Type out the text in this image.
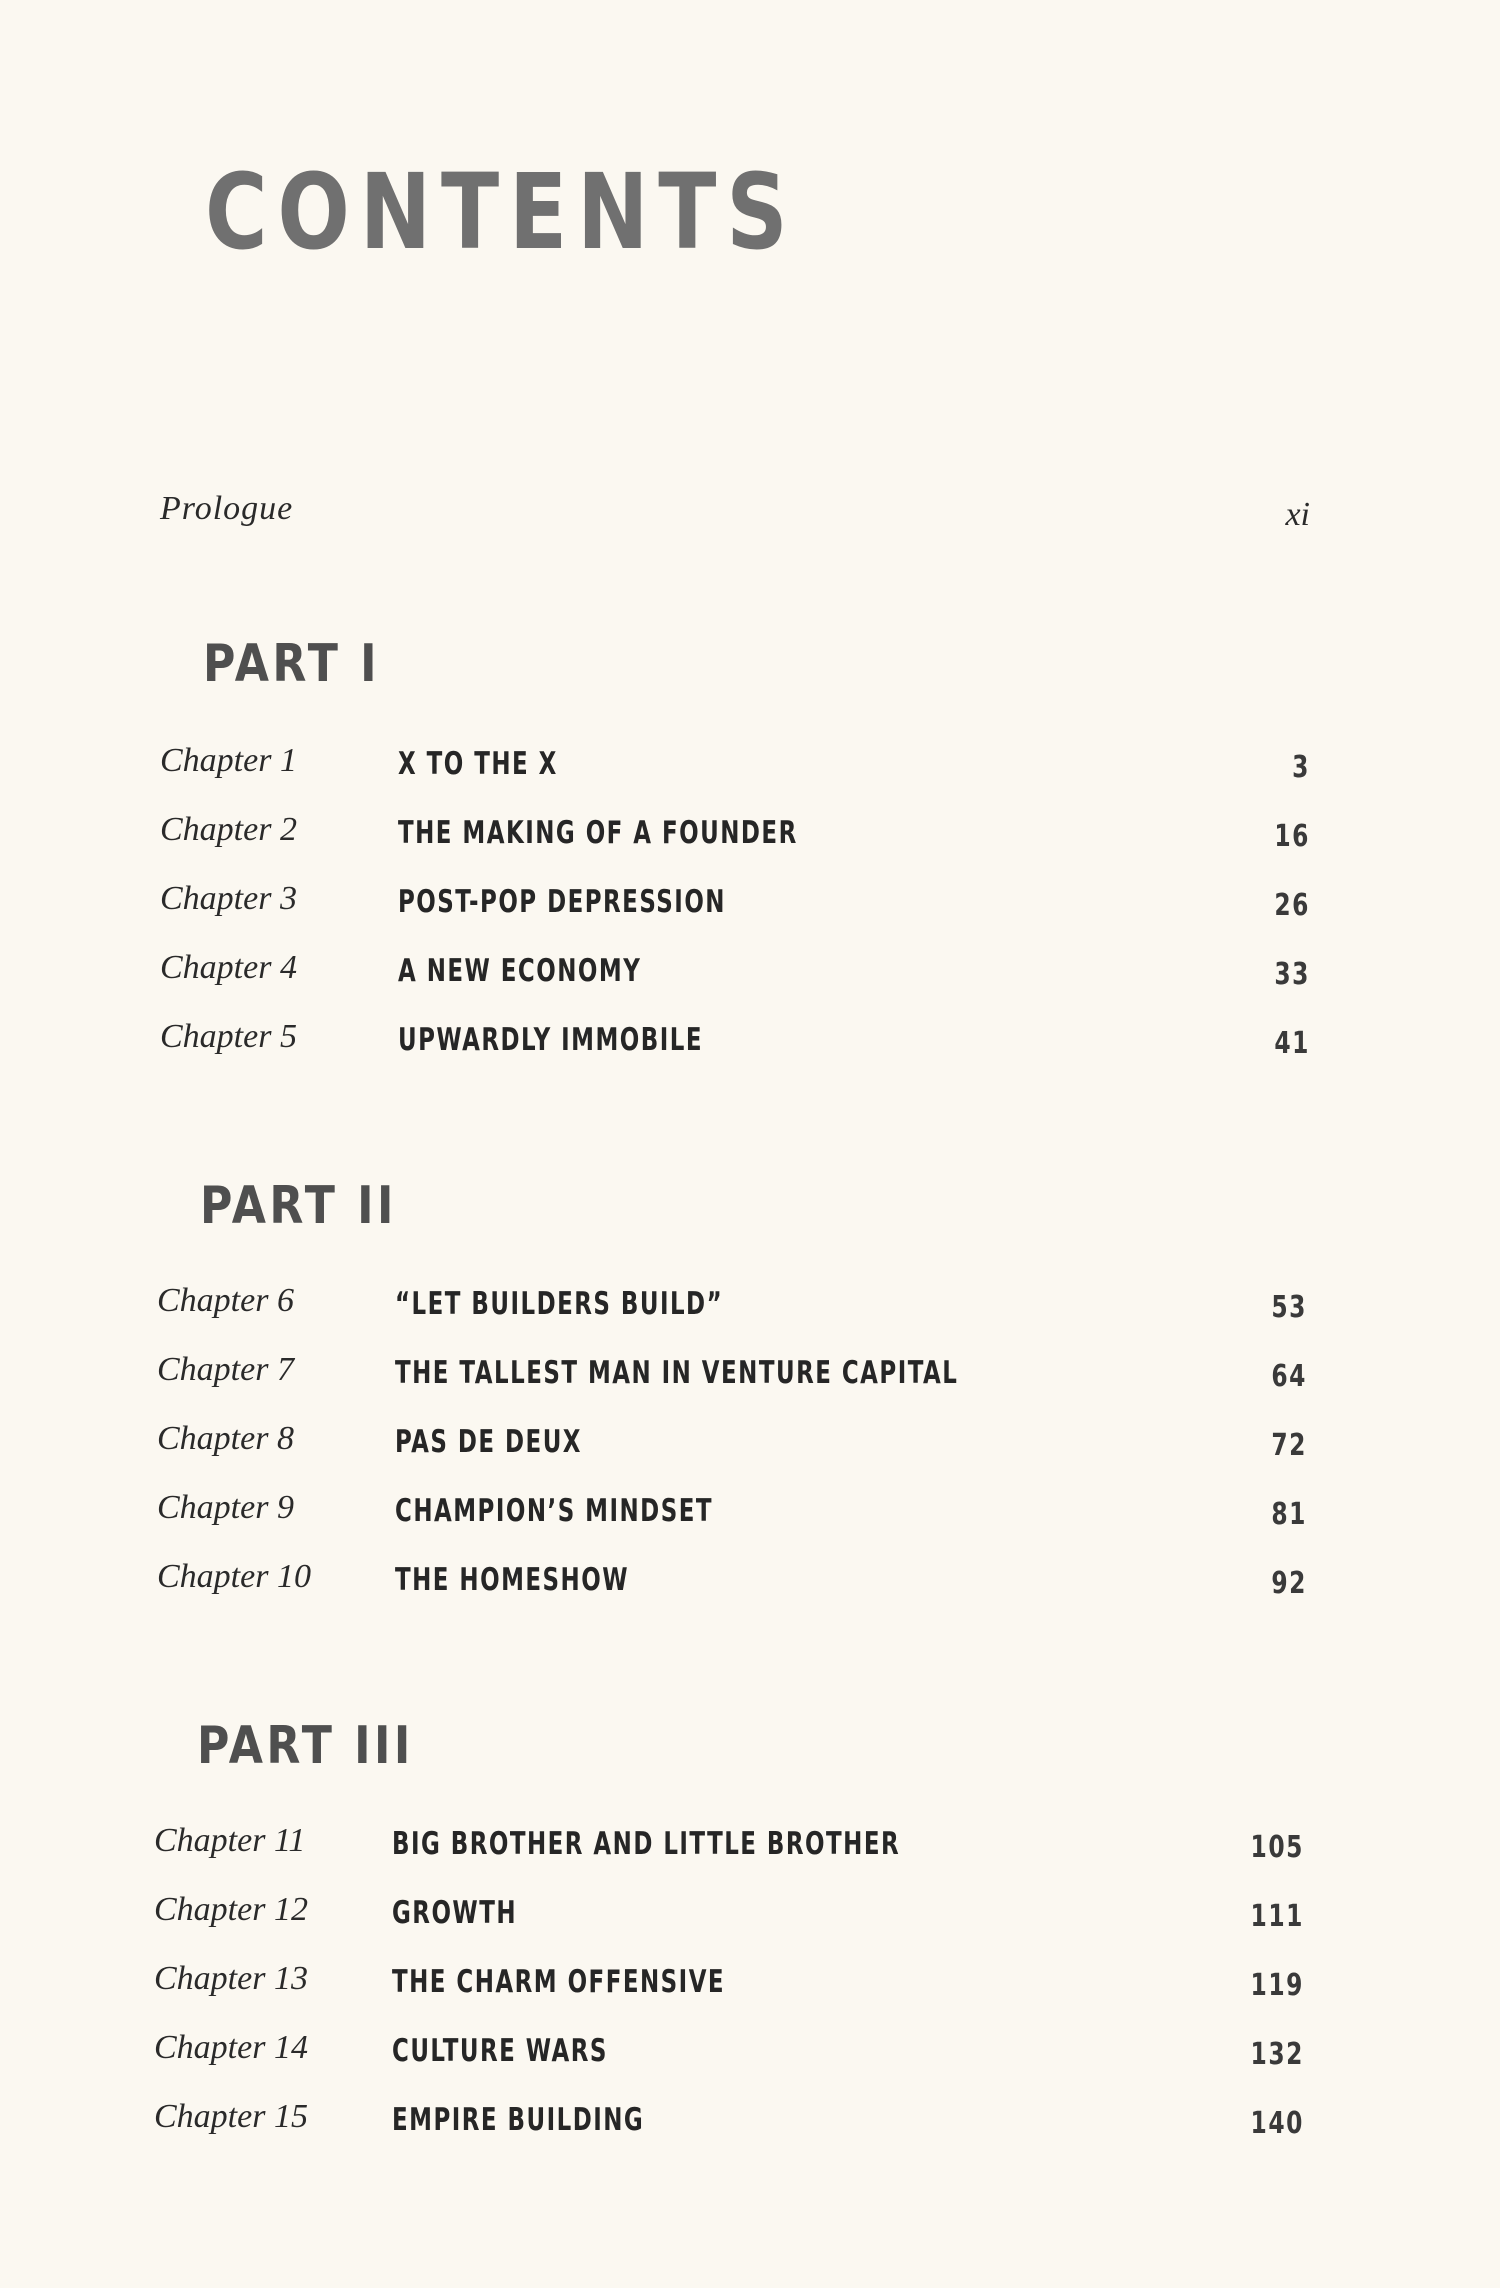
CONTENTS
Prologue	xi
PART I
Chapter 1	X TO THE X	3
Chapter 2	THE MAKING OF A FOUNDER	16
Chapter 3	POST-POP DEPRESSION	26
Chapter 4	A NEW ECONOMY	33
Chapter 5	UPWARDLY IMMOBILE	41
PART II
Chapter 6	“LET BUILDERS BUILD”	53
Chapter 7	THE TALLEST MAN IN VENTURE CAPITAL	64
Chapter 8	PAS DE DEUX	72
Chapter 9	CHAMPION’S MINDSET	81
Chapter 10	THE HOMESHOW	92
PART III
Chapter 11	BIG BROTHER AND LITTLE BROTHER	105
Chapter 12	GROWTH	111
Chapter 13	THE CHARM OFFENSIVE	119
Chapter 14	CULTURE WARS	132
Chapter 15	EMPIRE BUILDING	140
